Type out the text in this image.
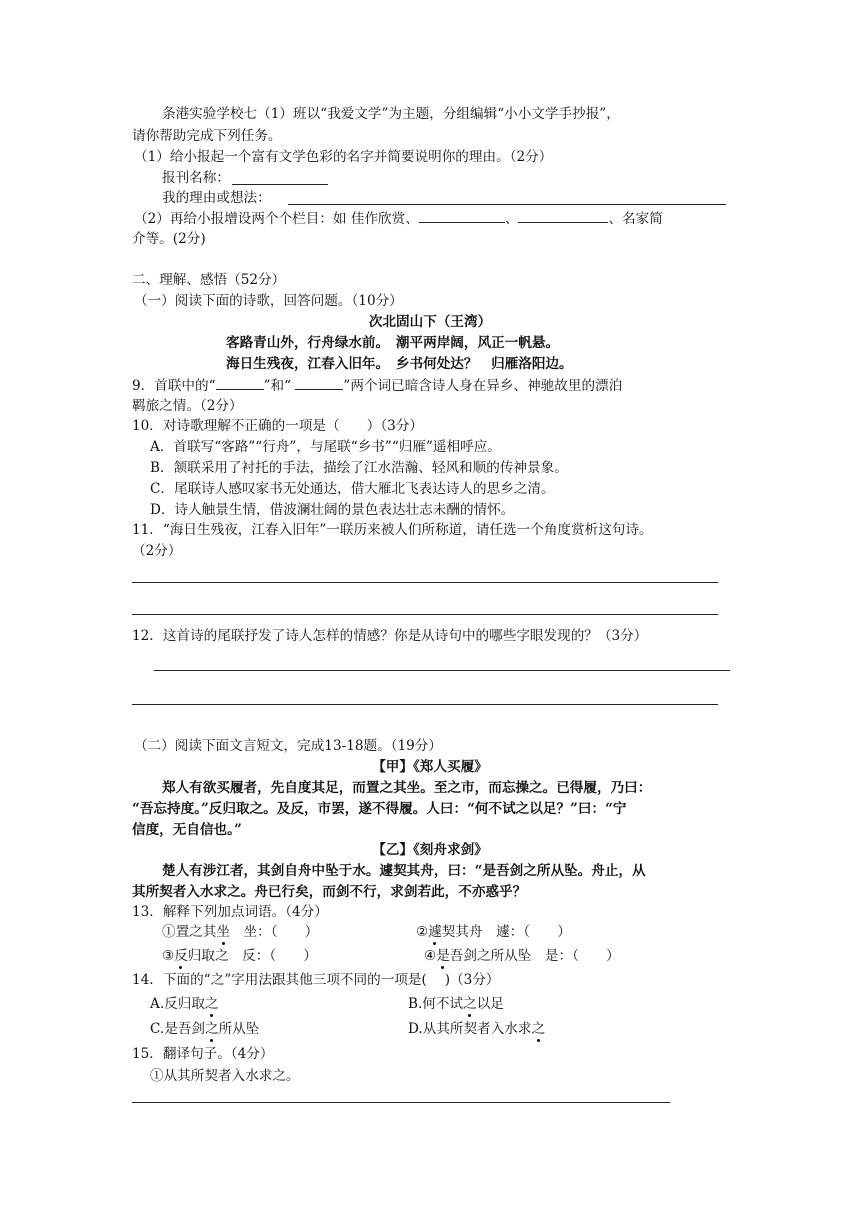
条港实验学校七（1）班以“我爱文学”为主题，分组编辑“小小文学手抄报”，
请你帮助完成下列任务。
（1）给小报起一个富有文学色彩的名字并简要说明你的理由。（2分）
报刊名称：
我的理由或想法：
（2）再给小报增设两个个栏目：如 佳作欣赏、	、	、名家简
介等。(2分)
二、理解、感悟（52分）
（一）阅读下面的诗歌，回答问题。（10分）
次北固山下（王湾）
客路青山外，行舟绿水前。　潮平两岸阔，风正一帆悬。
海日生残夜，江春入旧年。　乡书何处达？　归雁洛阳边。
9．首联中的“	”和“	”两个词已暗含诗人身在异乡、神驰故里的漂泊
羁旅之情。（2分）
10．对诗歌理解不正确的一项是（　　）（3分）
A．首联写“客路”“行舟”，与尾联“乡书”“归雁”遥相呼应。
B．颔联采用了衬托的手法，描绘了江水浩瀚、轻风和顺的传神景象。
C．尾联诗人感叹家书无处通达，借大雁北飞表达诗人的思乡之清。
D．诗人触景生情，借波澜壮阔的景色表达壮志未酬的情怀。
11．“海日生残夜，江春入旧年”一联历来被人们所称道，请任选一个角度赏析这句诗。
（2分）
12．这首诗的尾联抒发了诗人怎样的情感？你是从诗句中的哪些字眼发现的？（3分）
（二）阅读下面文言短文，完成13-18题。（19分）
【甲】《郑人买履》
郑人有欲买履者，先自度其足，而置之其坐。至之市，而忘操之。已得履，乃曰：
“吾忘持度。”反归取之。及反，市罢，遂不得履。人曰：“何不试之以足？”曰：“宁
信度，无自信也。”
【乙】《刻舟求剑》
楚人有涉江者，其剑自舟中坠于水。遽契其舟，曰：“是吾剑之所从坠。舟止，从
其所契者入水求之。舟已行矣，而剑不行，求剑若此，不亦惑乎？
13．解释下列加点词语。（4分）
①置之其坐　坐：（　　）	②遽契其舟　遽：（　　）
③反归取之　反：（　　）	④是吾剑之所从坠　是：（　　）
14．下面的“之”字用法跟其他三项不同的一项是(　 )（3分）
A.反归取之	B.何不试之以足
C.是吾剑之所从坠	D.从其所契者入水求之
15．翻译句子。（4分）
①从其所契者入水求之。
